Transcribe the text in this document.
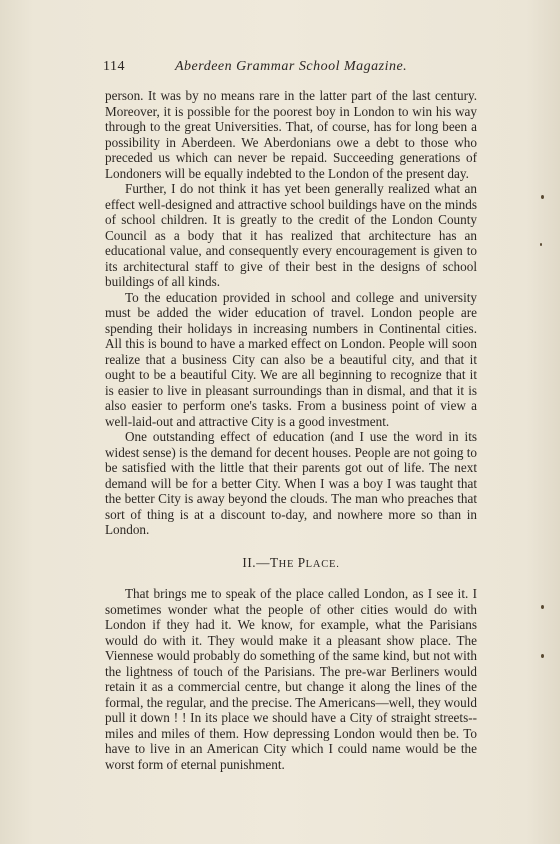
114	Aberdeen Grammar School Magazine.

person. It was by no means rare in the latter part of the last century. Moreover, it is possible for the poorest boy in London to win his way through to the great Universities. That, of course, has for long been a possibility in Aberdeen. We Aberdonians owe a debt to those who preceded us which can never be repaid. Succeeding generations of Londoners will be equally indebted to the London of the present day.

Further, I do not think it has yet been generally realized what an effect well-designed and attractive school buildings have on the minds of school children. It is greatly to the credit of the London County Council as a body that it has realized that architecture has an educational value, and consequently every encouragement is given to its architectural staff to give of their best in the designs of school buildings of all kinds.

To the education provided in school and college and university must be added the wider education of travel. London people are spending their holidays in increasing numbers in Continental cities. All this is bound to have a marked effect on London. People will soon realize that a business City can also be a beautiful city, and that it ought to be a beautiful City. We are all beginning to recognize that it is easier to live in pleasant surroundings than in dismal, and that it is also easier to perform one's tasks. From a business point of view a well-laid-out and attractive City is a good investment.

One outstanding effect of education (and I use the word in its widest sense) is the demand for decent houses. People are not going to be satisfied with the little that their parents got out of life. The next demand will be for a better City. When I was a boy I was taught that the better City is away beyond the clouds. The man who preaches that sort of thing is at a discount to-day, and nowhere more so than in London.

II.—THE PLACE.

That brings me to speak of the place called London, as I see it. I sometimes wonder what the people of other cities would do with London if they had it. We know, for example, what the Parisians would do with it. They would make it a pleasant show place. The Viennese would probably do something of the same kind, but not with the lightness of touch of the Parisians. The pre-war Berliners would retain it as a commercial centre, but change it along the lines of the formal, the regular, and the precise. The Americans—well, they would pull it down ! ! In its place we should have a City of straight streets--miles and miles of them. How depressing London would then be. To have to live in an American City which I could name would be the worst form of eternal punishment.
